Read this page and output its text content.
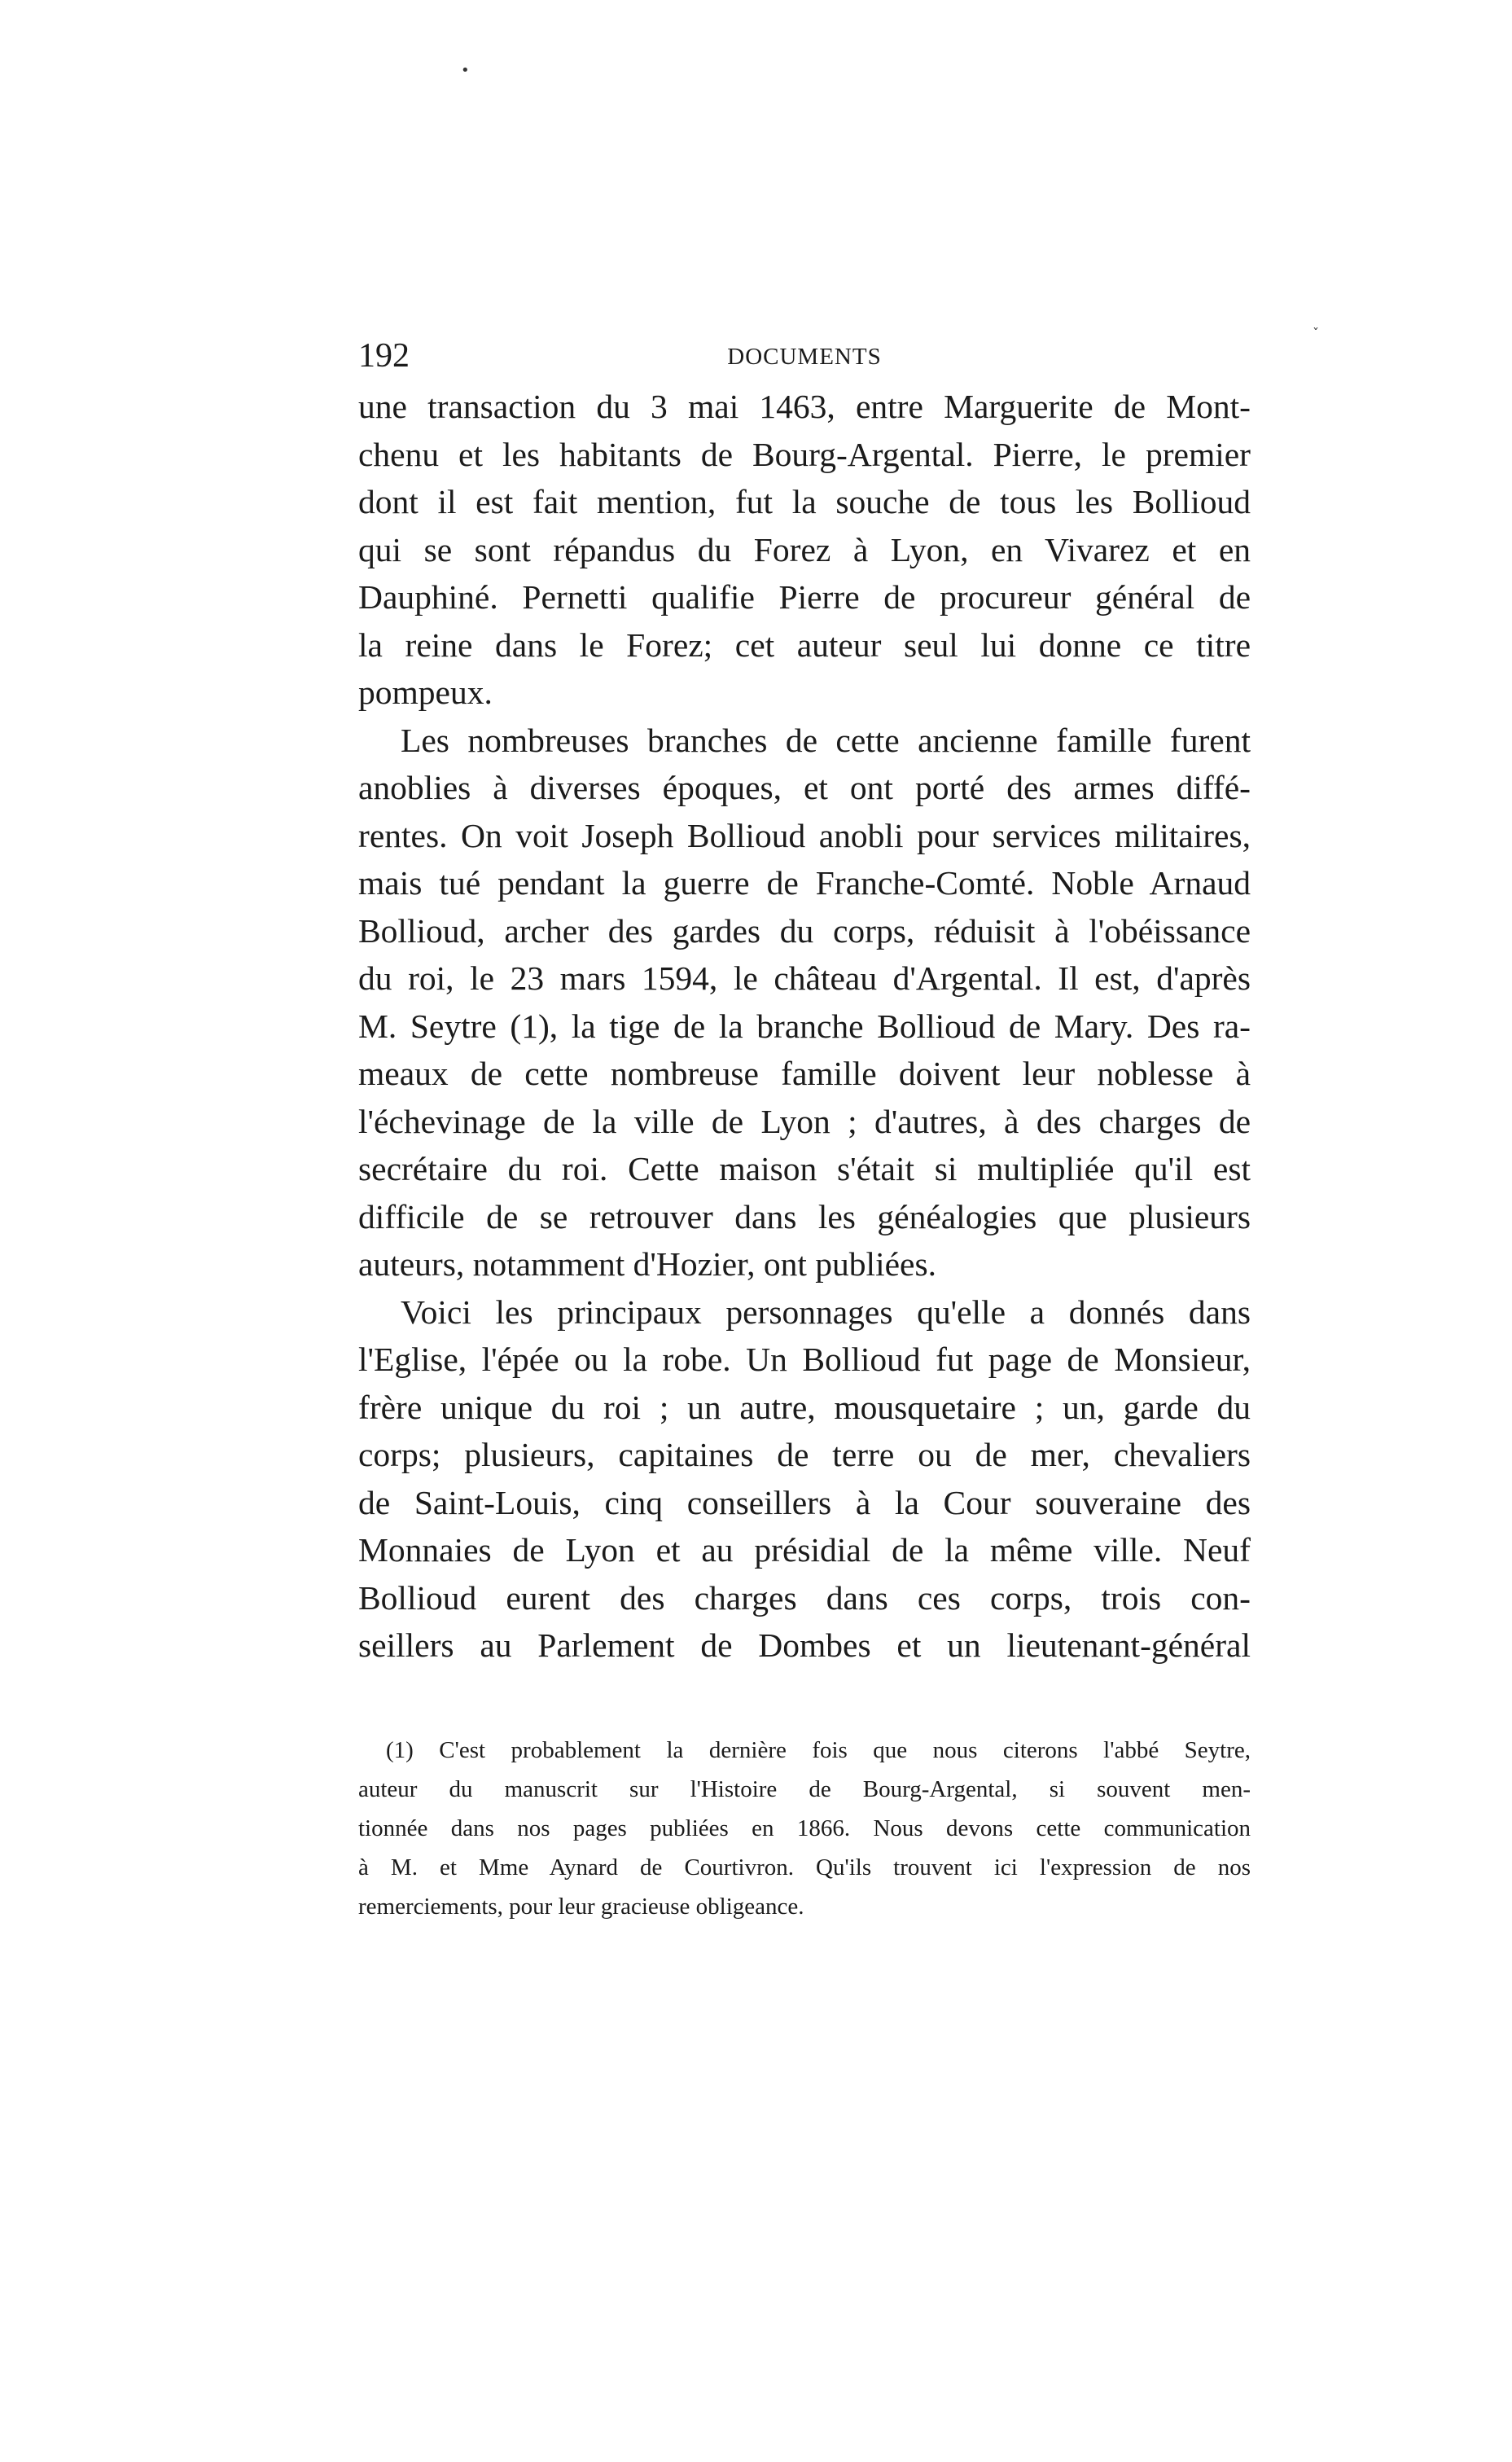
•
ˇ
192	DOCUMENTS
une transaction du 3 mai 1463, entre Marguerite de Mont-
chenu et les habitants de Bourg-Argental. Pierre, le premier
dont il est fait mention, fut la souche de tous les Bollioud
qui se sont répandus du Forez à Lyon, en Vivarez et en
Dauphiné. Pernetti qualifie Pierre de procureur général de
la reine dans le Forez; cet auteur seul lui donne ce titre
pompeux.
Les nombreuses branches de cette ancienne famille furent
anoblies à diverses époques, et ont porté des armes diffé-
rentes. On voit Joseph Bollioud anobli pour services militaires,
mais tué pendant la guerre de Franche-Comté. Noble Arnaud
Bollioud, archer des gardes du corps, réduisit à l'obéissance
du roi, le 23 mars 1594, le château d'Argental. Il est, d'après
M. Seytre (1), la tige de la branche Bollioud de Mary. Des ra-
meaux de cette nombreuse famille doivent leur noblesse à
l'échevinage de la ville de Lyon ; d'autres, à des charges de
secrétaire du roi. Cette maison s'était si multipliée qu'il est
difficile de se retrouver dans les généalogies que plusieurs
auteurs, notamment d'Hozier, ont publiées.
Voici les principaux personnages qu'elle a donnés dans
l'Eglise, l'épée ou la robe. Un Bollioud fut page de Monsieur,
frère unique du roi ; un autre, mousquetaire ; un, garde du
corps; plusieurs, capitaines de terre ou de mer, chevaliers
de Saint-Louis, cinq conseillers à la Cour souveraine des
Monnaies de Lyon et au présidial de la même ville. Neuf
Bollioud eurent des charges dans ces corps, trois con-
seillers au Parlement de Dombes et un lieutenant-général
(1) C'est probablement la dernière fois que nous citerons l'abbé Seytre,
auteur du manuscrit sur l'Histoire de Bourg-Argental, si souvent men-
tionnée dans nos pages publiées en 1866. Nous devons cette communication
à M. et Mme Aynard de Courtivron. Qu'ils trouvent ici l'expression de nos
remerciements, pour leur gracieuse obligeance.
